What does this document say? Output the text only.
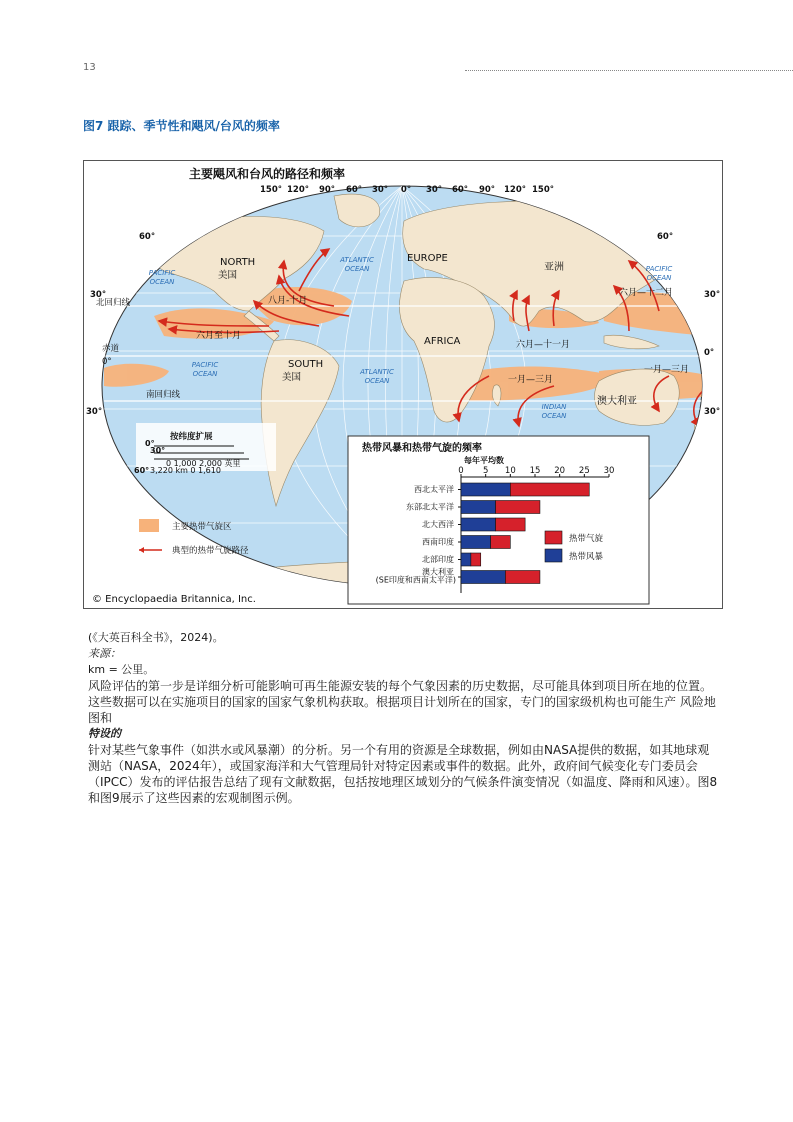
13
图7 跟踪、季节性和飓风/台风的频率
主要飓风和台风的路径和频率
150° 120° 90° 60° 30° 0° 30° 60° 90° 120° 150°
60°	60°
30°	30°
0°
30°	30°
NORTH
美国
SOUTH
美国
EUROPE
AFRICA
亚洲
澳大利亚
北回归线
赤道
0°
南回归线
八月-十月
六月至十月
六月—十一月
六月—十二月
一月—三月
一月—三月
PACIFIC
OCEAN
PACIFIC
OCEAN
PACIFIC
OCEAN
ATLANTIC
OCEAN
ATLANTIC
OCEAN
INDIAN
OCEAN
按纬度扩展
0°
30°
60°
0 1,000 2,000 英里
3,220 km 0 1,610
主要热带气旋区
典型的热带气旋路径
© Encyclopaedia Britannica, Inc.
热带风暴和热带气旋的频率
每年平均数
0 5 10 15 20 25 30
西北太平洋
东部北太平洋
北大西洋
西南印度
北部印度
澳大利亚
(SE印度和西南太平洋)
热带气旋
热带风暴

(《大英百科全书》，2024)。

来源：

km = 公里。

风险评估的第一步是详细分析可能影响可再生能源安装的每个气象因素的历史数据，尽可能具体到项目所在地的位置。这些数据可以在实施项目的国家的国家气象机构获取。根据项目计划所在的国家，专门的国家级机构也可能生产 风险地图和

特设的

针对某些气象事件（如洪水或风暴潮）的分析。另一个有用的资源是全球数据，例如由NASA提供的数据，如其地球观测站（NASA，2024年），或国家海洋和大气管理局针对特定因素或事件的数据。此外，政府间气候变化专门委员会（IPCC）发布的评估报告总结了现有文献数据，包括按地理区域划分的气候条件演变情况（如温度、降雨和风速）。图8和图9展示了这些因素的宏观制图示例。
